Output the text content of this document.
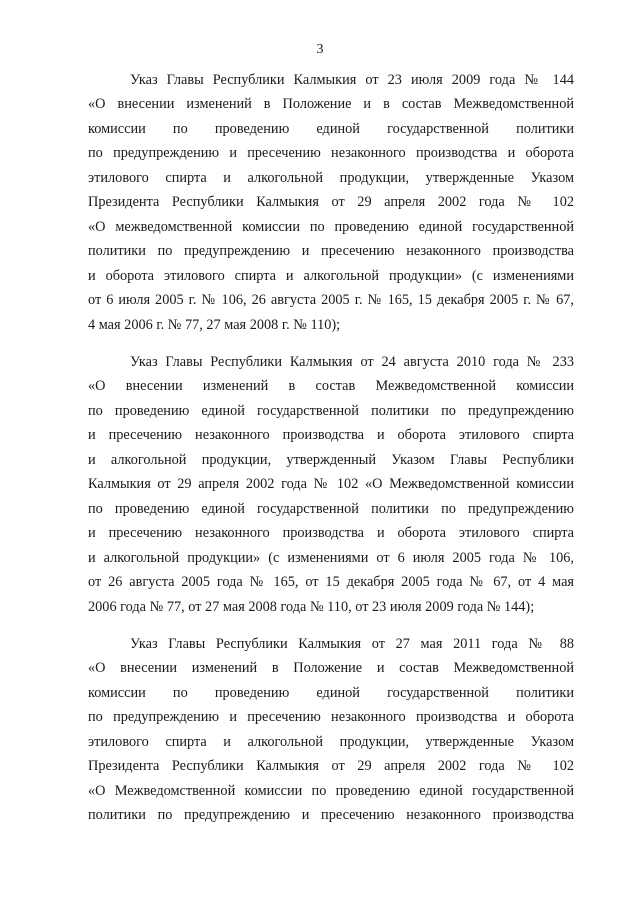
3

Указ Главы Республики Калмыкия от 23 июля 2009 года № 144
«О внесении изменений в Положение и в состав Межведомственной
комиссии по проведению единой государственной политики
по предупреждению и пресечению незаконного производства и оборота
этилового спирта и алкогольной продукции, утвержденные Указом
Президента Республики Калмыкия от 29 апреля 2002 года № 102
«О межведомственной комиссии по проведению единой государственной
политики по предупреждению и пресечению незаконного производства
и оборота этилового спирта и алкогольной продукции» (с изменениями
от 6 июля 2005 г. № 106, 26 августа 2005 г. № 165, 15 декабря 2005 г. № 67,
4 мая 2006 г. № 77, 27 мая 2008 г. № 110);

Указ Главы Республики Калмыкия от 24 августа 2010 года № 233
«О внесении изменений в состав Межведомственной комиссии
по проведению единой государственной политики по предупреждению
и пресечению незаконного производства и оборота этилового спирта
и алкогольной продукции, утвержденный Указом Главы Республики
Калмыкия от 29 апреля 2002 года № 102 «О Межведомственной комиссии
по проведению единой государственной политики по предупреждению
и пресечению незаконного производства и оборота этилового спирта
и алкогольной продукции» (с изменениями от 6 июля 2005 года № 106,
от 26 августа 2005 года № 165, от 15 декабря 2005 года № 67, от 4 мая
2006 года № 77, от 27 мая 2008 года № 110, от 23 июля 2009 года № 144);

Указ Главы Республики Калмыкия от 27 мая 2011 года № 88
«О внесении изменений в Положение и состав Межведомственной
комиссии по проведению единой государственной политики
по предупреждению и пресечению незаконного производства и оборота
этилового спирта и алкогольной продукции, утвержденные Указом
Президента Республики Калмыкия от 29 апреля 2002 года № 102
«О Межведомственной комиссии по проведению единой государственной
политики по предупреждению и пресечению незаконного производства
